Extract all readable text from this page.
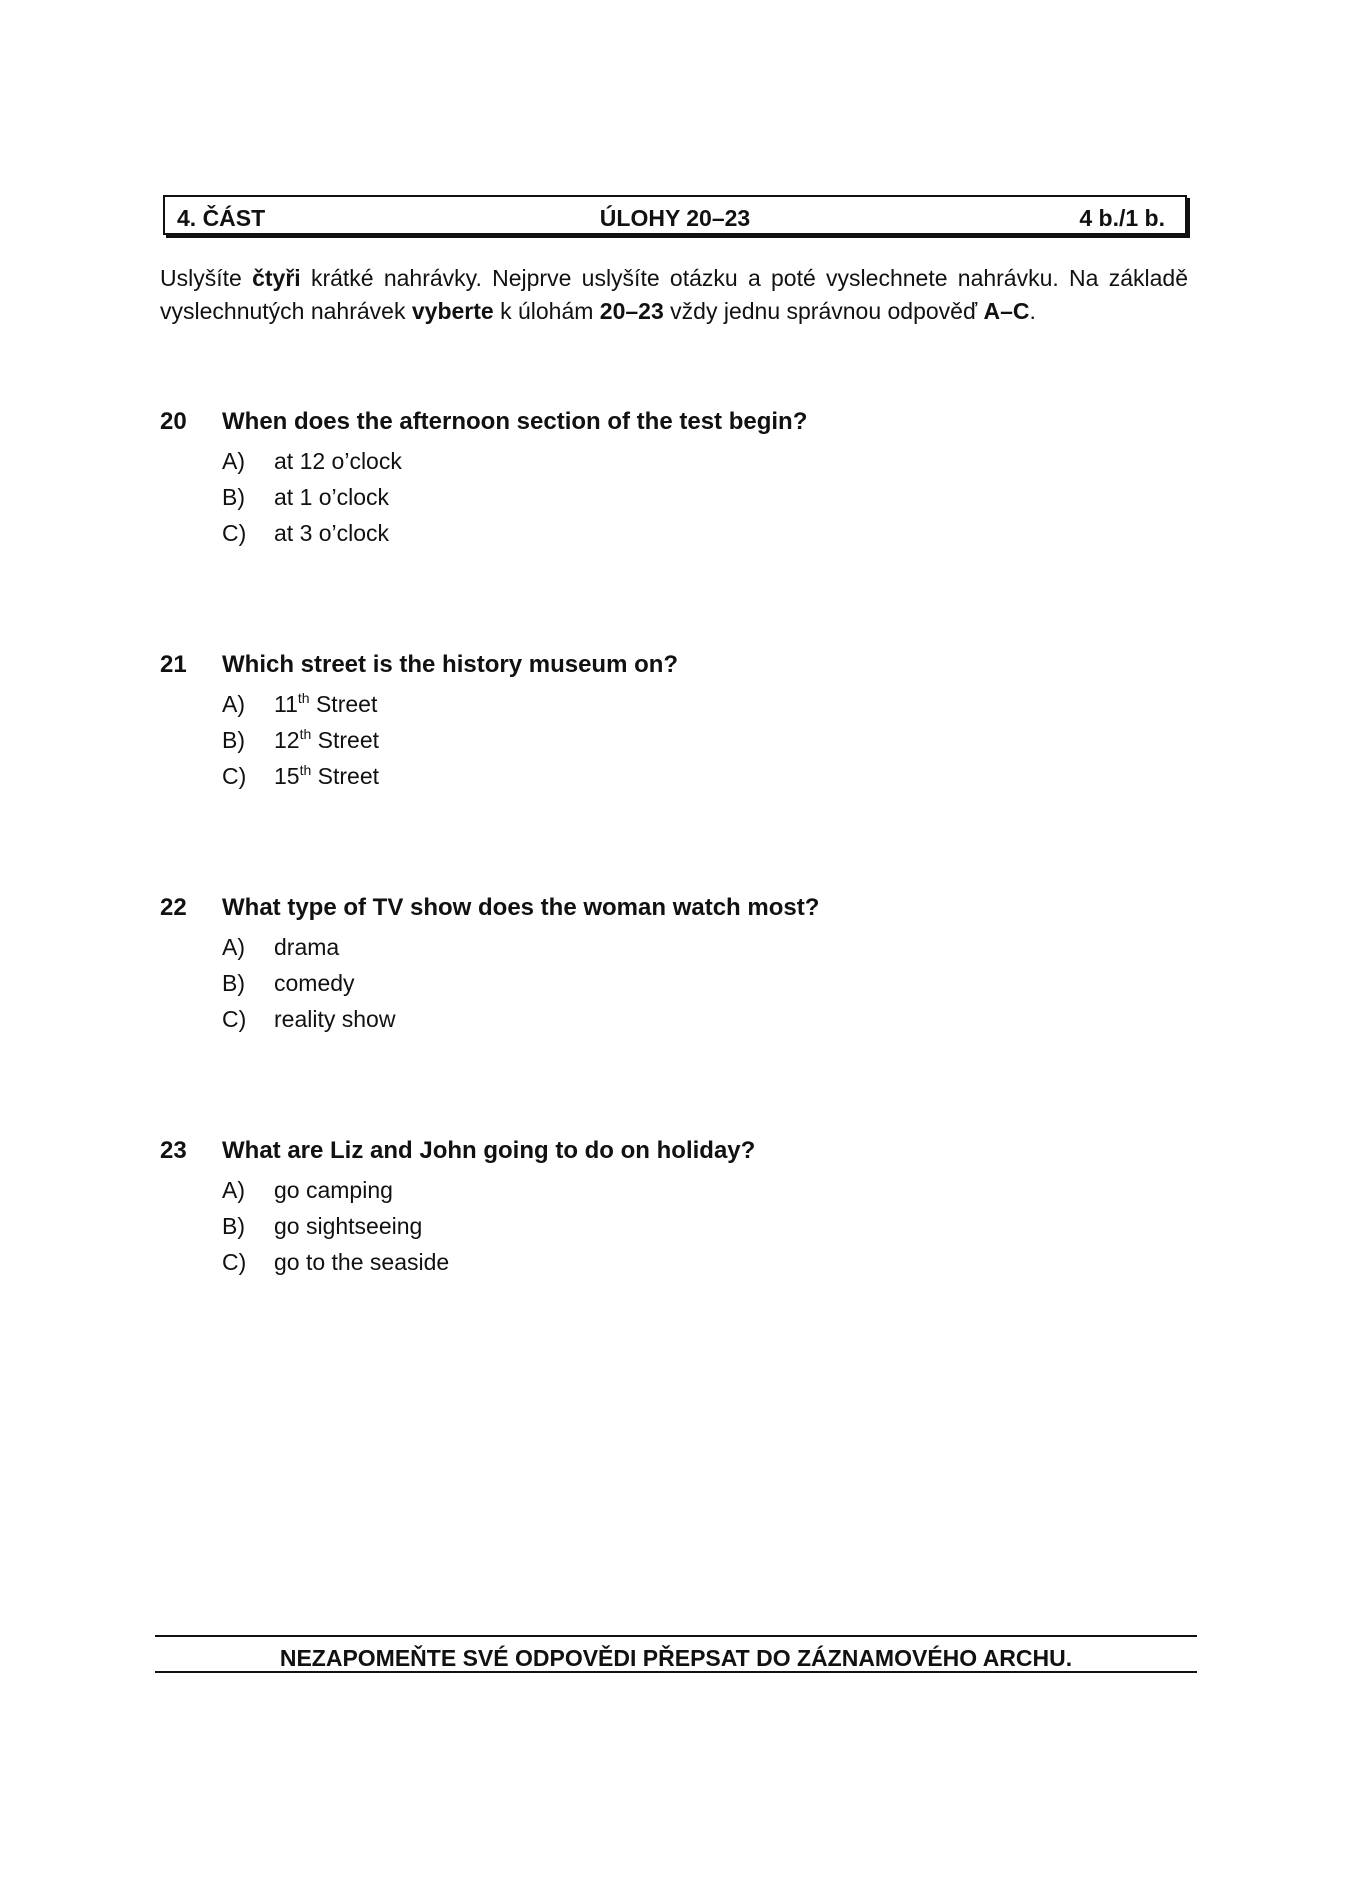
4. ČÁST	ÚLOHY 20–23	4 b./1 b.
Uslyšíte čtyři krátké nahrávky. Nejprve uslyšíte otázku a poté vyslechnete nahrávku. Na základě vyslechnutých nahrávek vyberte k úlohám 20–23 vždy jednu správnou odpověď A–C.
20 When does the afternoon section of the test begin?
A) at 12 o’clock
B) at 1 o’clock
C) at 3 o’clock
21 Which street is the history museum on?
A) 11th Street
B) 12th Street
C) 15th Street
22 What type of TV show does the woman watch most?
A) drama
B) comedy
C) reality show
23 What are Liz and John going to do on holiday?
A) go camping
B) go sightseeing
C) go to the seaside
NEZAPOMEŇTE SVÉ ODPOVĚDI PŘEPSAT DO ZÁZNAMOVÉHO ARCHU.
